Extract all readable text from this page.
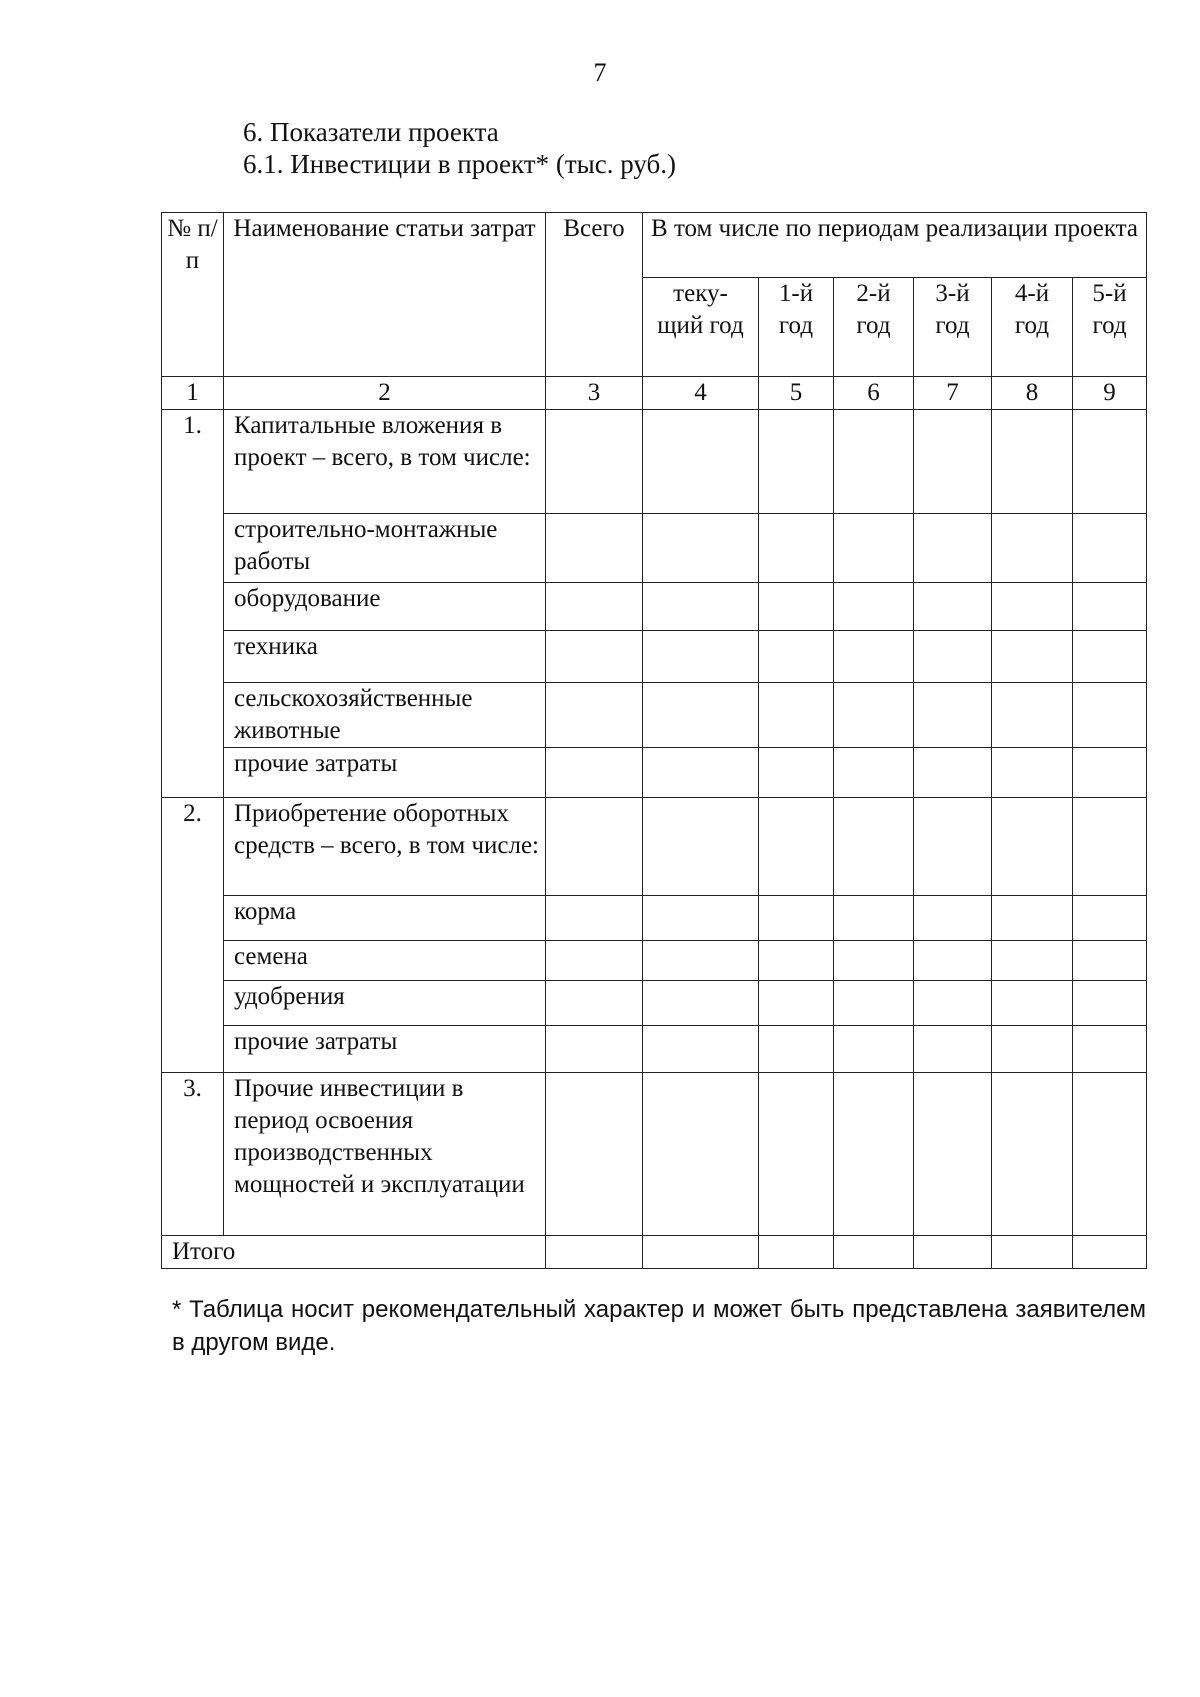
7
6. Показатели проекта
6.1. Инвестиции в проект* (тыс. руб.)
№ п/п	Наименование статьи затрат	Всего	В том числе по периодам реализации проекта					
			теку-щий год	1-й год	2-й год	3-й год	4-й год	5-й год
1	2	3	4	5	6	7	8	9
1.	Капитальные вложения в проект – всего, в том числе:							
	строительно-монтажные работы							
	оборудование							
	техника							
	сельскохозяйственные животные							
	прочие затраты							
2.	Приобретение оборотных средств – всего, в том числе:							
	корма							
	семена							
	удобрения							
	прочие затраты							
3.	Прочие инвестиции в период освоения производственных мощностей и эксплуатации							
Итого								
* Таблица носит рекомендательный характер и может быть представлена заявителем в другом виде.
